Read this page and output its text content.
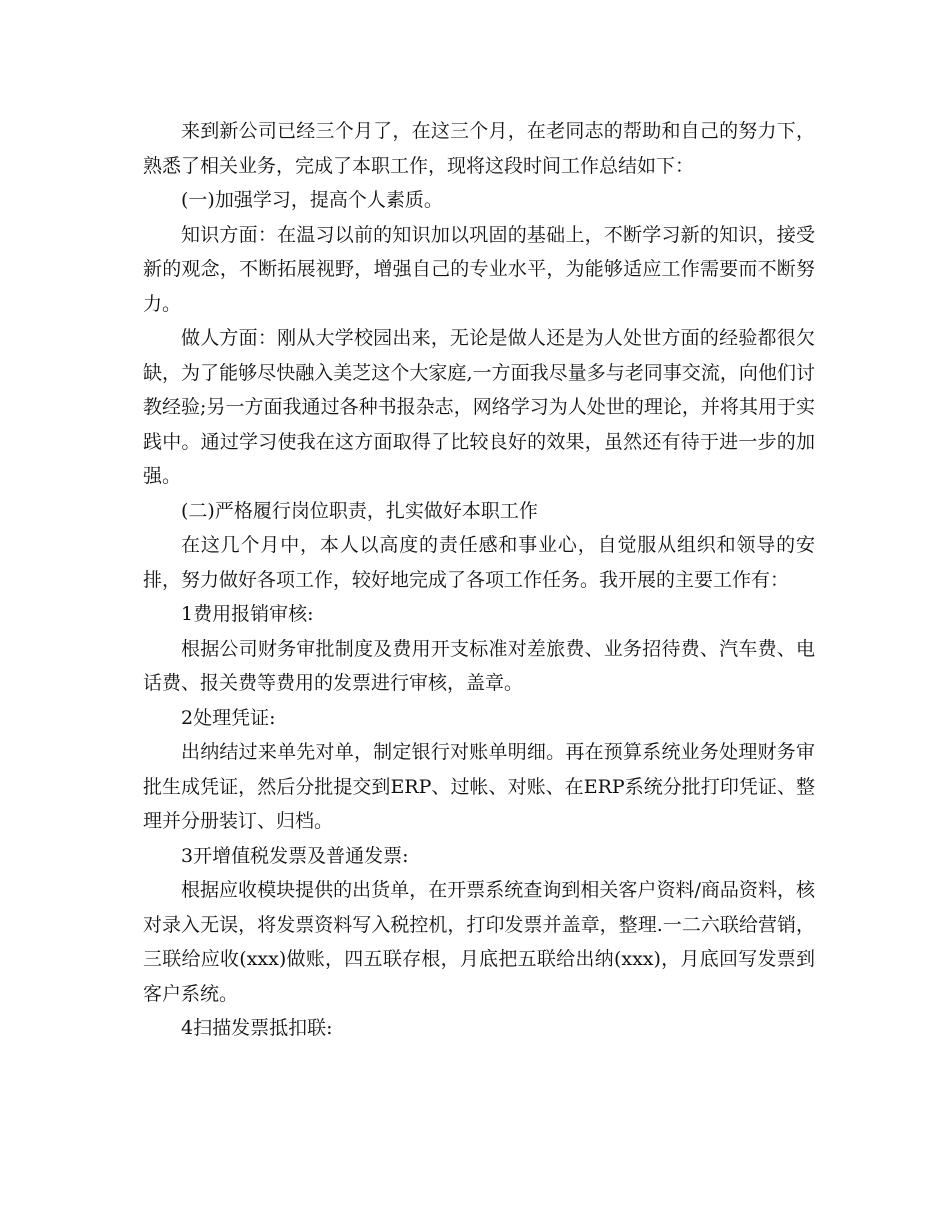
来到新公司已经三个月了，在这三个月，在老同志的帮助和自己的努力下，熟悉了相关业务，完成了本职工作，现将这段时间工作总结如下：

(一)加强学习，提高个人素质。

知识方面：在温习以前的知识加以巩固的基础上，不断学习新的知识，接受新的观念，不断拓展视野，增强自己的专业水平，为能够适应工作需要而不断努力。

做人方面：刚从大学校园出来，无论是做人还是为人处世方面的经验都很欠缺，为了能够尽快融入美芝这个大家庭,一方面我尽量多与老同事交流，向他们讨教经验;另一方面我通过各种书报杂志，网络学习为人处世的理论，并将其用于实践中。通过学习使我在这方面取得了比较良好的效果，虽然还有待于进一步的加强。

(二)严格履行岗位职责，扎实做好本职工作

在这几个月中，本人以高度的责任感和事业心，自觉服从组织和领导的安排，努力做好各项工作，较好地完成了各项工作任务。我开展的主要工作有：

1费用报销审核:

根据公司财务审批制度及费用开支标准对差旅费、业务招待费、汽车费、电话费、报关费等费用的发票进行审核，盖章。

2处理凭证:

出纳结过来单先对单，制定银行对账单明细。再在预算系统业务处理财务审批生成凭证，然后分批提交到ERP、过帐、对账、在ERP系统分批打印凭证、整理并分册装订、归档。

3开增值税发票及普通发票:

根据应收模块提供的出货单，在开票系统查询到相关客户资料/商品资料，核对录入无误，将发票资料写入税控机，打印发票并盖章，整理.一二六联给营销，三联给应收(xxx)做账，四五联存根，月底把五联给出纳(xxx)，月底回写发票到客户系统。

4扫描发票抵扣联:
